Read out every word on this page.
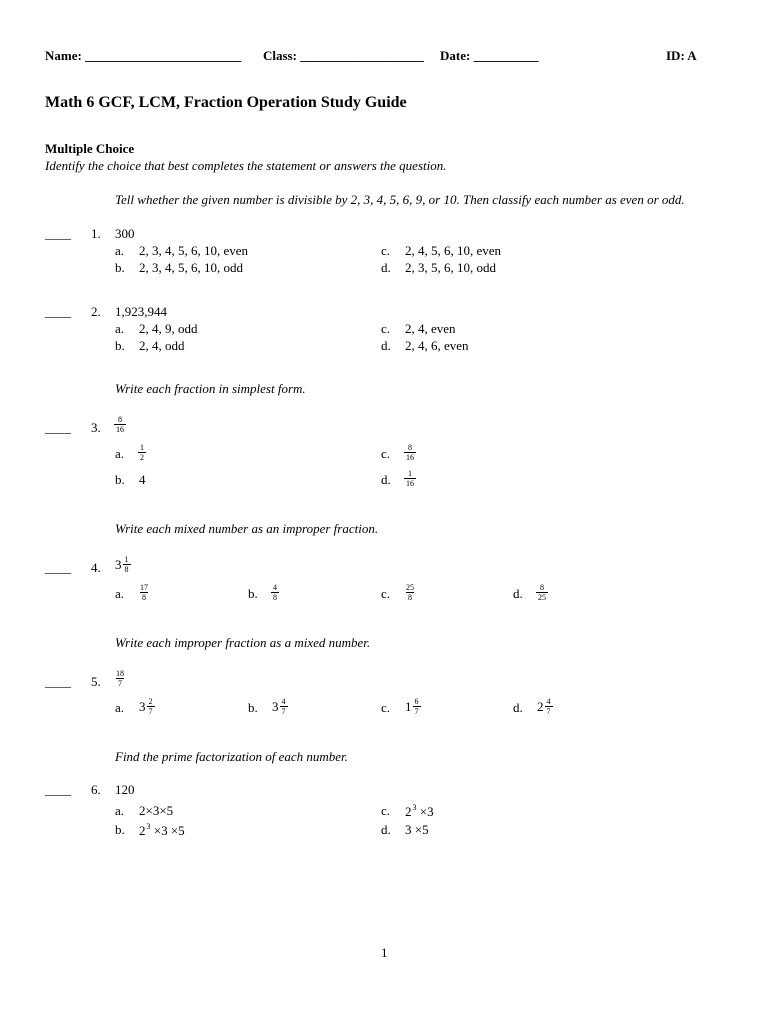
Name: ________________________ Class: ___________________ Date: __________	ID: A
Math 6 GCF, LCM, Fraction Operation Study Guide
Multiple Choice
Identify the choice that best completes the statement or answers the question.
Tell whether the given number is divisible by 2, 3, 4, 5, 6, 9, or 10. Then classify each number as even or odd.
____ 1. 300
a. 2, 3, 4, 5, 6, 10, even
b. 2, 3, 4, 5, 6, 10, odd
c. 2, 4, 5, 6, 10, even
d. 2, 3, 5, 6, 10, odd
____ 2. 1,923,944
a. 2, 4, 9, odd
b. 2, 4, odd
c. 2, 4, even
d. 2, 4, 6, even
Write each fraction in simplest form.
____ 3. $\frac{8}{16}$
a. $\frac{1}{2}$
b. 4
c. $\frac{8}{16}$
d. $\frac{1}{16}$
Write each mixed number as an improper fraction.
____ 4. $3 \frac{1}{8}$
a. $\frac{17}{8}$	b. $\frac{4}{8}$	c. $\frac{25}{8}$	d. $\frac{8}{25}$
Write each improper fraction as a mixed number.
____ 5. $\frac{18}{7}$
a. $3 \frac{2}{7}$	b. $3 \frac{4}{7}$	c. $1 \frac{6}{7}$	d. $2 \frac{4}{7}$
Find the prime factorization of each number.
____ 6. 120
a. 2×3×5
b. $2^3 \times 3 \times 5$
c. $2^3 \times 3$
d. 3 ×5
1
